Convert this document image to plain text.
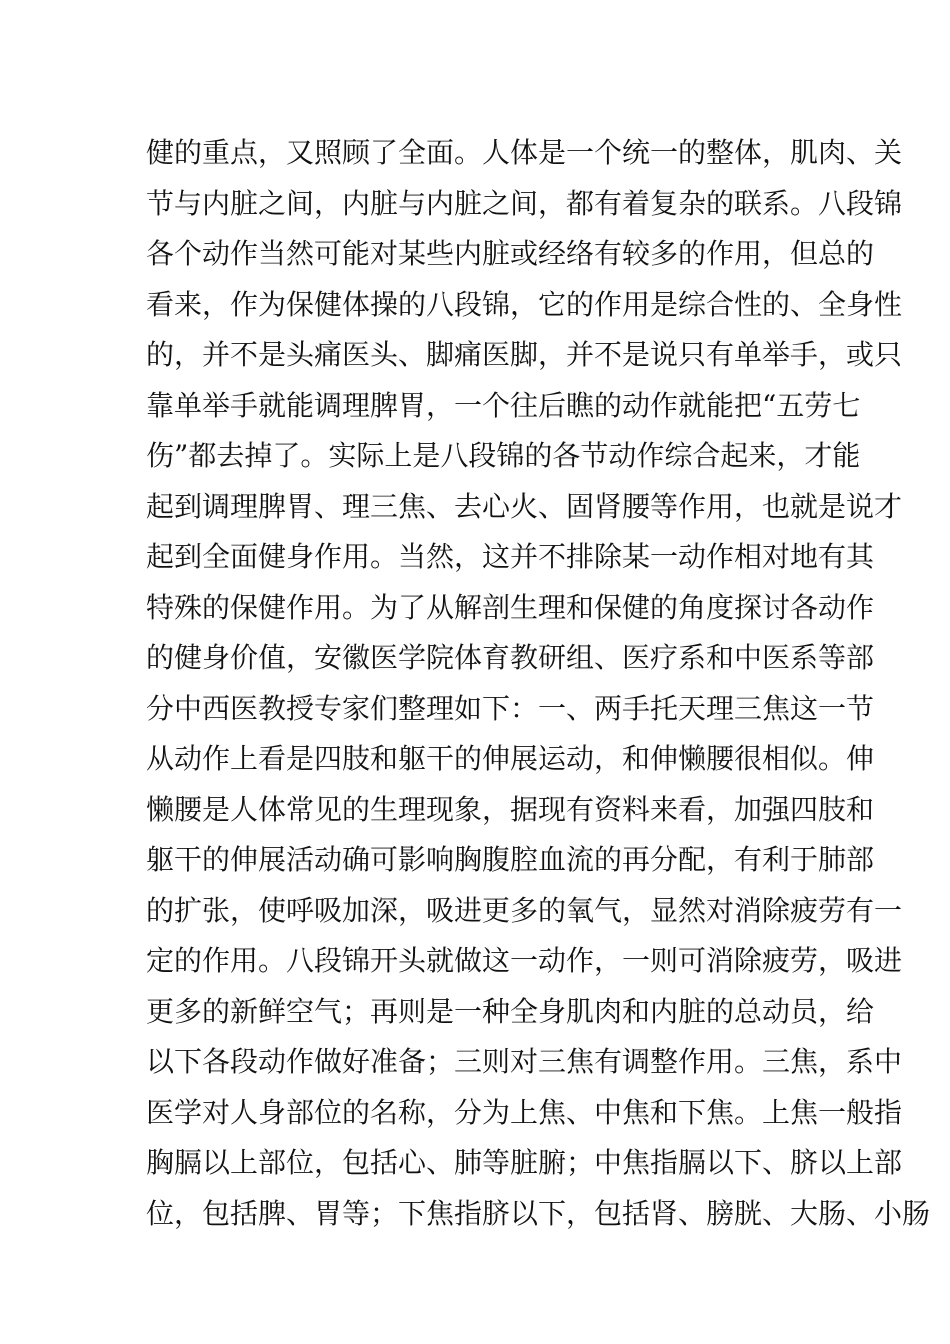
健的重点，又照顾了全面。人体是一个统一的整体，肌肉、关
节与内脏之间，内脏与内脏之间，都有着复杂的联系。八段锦
各个动作当然可能对某些内脏或经络有较多的作用，但总的
看来，作为保健体操的八段锦，它的作用是综合性的、全身性
的，并不是头痛医头、脚痛医脚，并不是说只有单举手，或只
靠单举手就能调理脾胃，一个往后瞧的动作就能把“五劳七
伤”都去掉了。实际上是八段锦的各节动作综合起来，才能
起到调理脾胃、理三焦、去心火、固肾腰等作用，也就是说才
起到全面健身作用。当然，这并不排除某一动作相对地有其
特殊的保健作用。为了从解剖生理和保健的角度探讨各动作
的健身价值，安徽医学院体育教研组、医疗系和中医系等部
分中西医教授专家们整理如下：一、两手托天理三焦这一节
从动作上看是四肢和躯干的伸展运动，和伸懒腰很相似。伸
懒腰是人体常见的生理现象，据现有资料来看，加强四肢和
躯干的伸展活动确可影响胸腹腔血流的再分配，有利于肺部
的扩张，使呼吸加深，吸进更多的氧气，显然对消除疲劳有一
定的作用。八段锦开头就做这一动作，一则可消除疲劳，吸进
更多的新鲜空气；再则是一种全身肌肉和内脏的总动员，给
以下各段动作做好准备；三则对三焦有调整作用。三焦，系中
医学对人身部位的名称，分为上焦、中焦和下焦。上焦一般指
胸膈以上部位，包括心、肺等脏腑；中焦指膈以下、脐以上部
位，包括脾、胃等；下焦指脐以下，包括肾、膀胱、大肠、小肠
